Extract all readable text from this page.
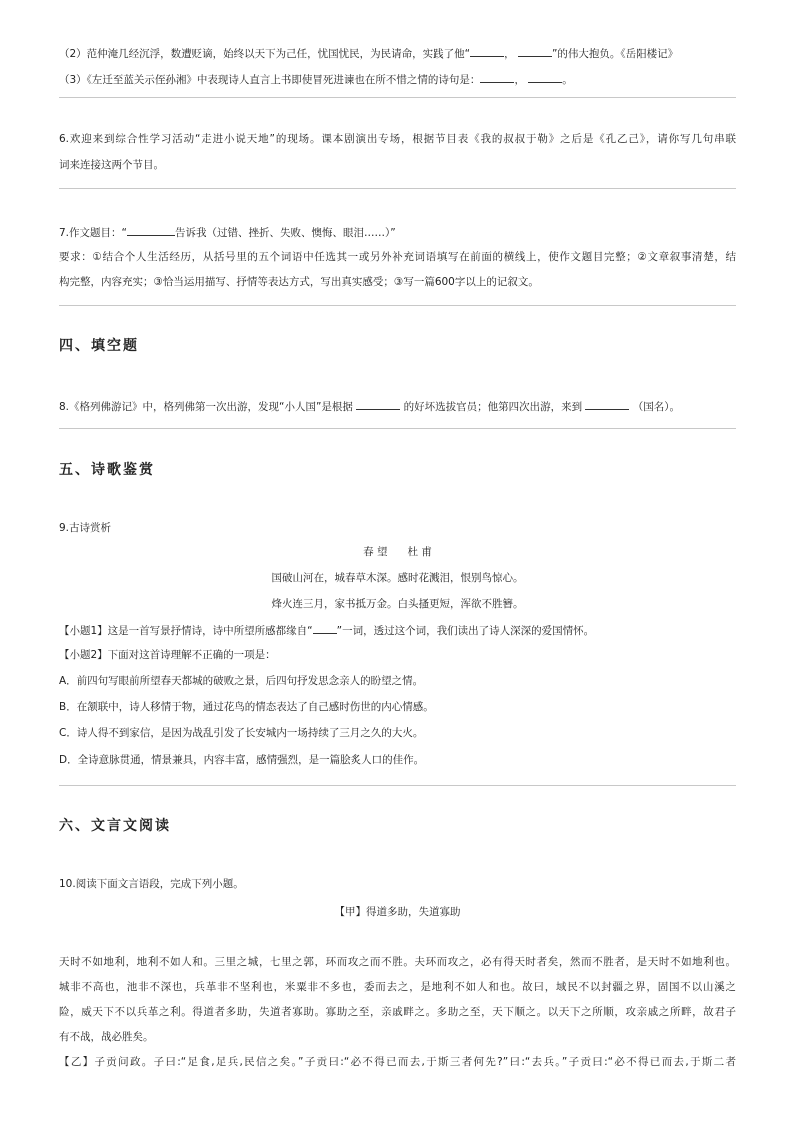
（2）范仲淹几经沉浮，数遭贬谪，始终以天下为己任，忧国忧民，为民请命，实践了他“	，	”的伟大抱负。《岳阳楼记》
（3）《左迁至蓝关示侄孙湘》中表现诗人直言上书即使冒死进谏也在所不惜之情的诗句是：	，	。
6.欢迎来到综合性学习活动“走进小说天地”的现场。课本剧演出专场，根据节目表《我的叔叔于勒》之后是《孔乙己》，请你写几句串联
词来连接这两个节目。
7.作文题目：“	告诉我（过错、挫折、失败、懊悔、眼泪……）”
要求：①结合个人生活经历，从括号里的五个词语中任选其一或另外补充词语填写在前面的横线上，使作文题目完整；②文章叙事清楚，结
构完整，内容充实；③恰当运用描写、抒情等表达方式，写出真实感受；③写一篇600字以上的记叙文。
四、填空题
8.《格列佛游记》中，格列佛第一次出游，发现“小人国”是根据	的好坏选拔官员；他第四次出游，来到	（国名）。
五、诗歌鉴赏
9.古诗赏析
春 望 杜 甫
国破山河在，城春草木深。感时花溅泪，恨别鸟惊心。
烽火连三月，家书抵万金。白头搔更短，浑欲不胜簪。
【小题1】这是一首写景抒情诗，诗中所望所感都缘自“ ”一词，透过这个词，我们读出了诗人深深的爱国情怀。
【小题2】下面对这首诗理解不正确的一项是：
A．前四句写眼前所望春天都城的破败之景，后四句抒发思念亲人的盼望之情。
B．在颔联中，诗人移情于物，通过花鸟的情态表达了自己感时伤世的内心情感。
C．诗人得不到家信，是因为战乱引发了长安城内一场持续了三月之久的大火。
D．全诗意脉贯通，情景兼具，内容丰富，感情强烈，是一篇脍炙人口的佳作。
六、文言文阅读
10.阅读下面文言语段，完成下列小题。
【甲】得道多助，失道寡助
天时不如地利，地利不如人和。三里之城，七里之郭，环而攻之而不胜。夫环而攻之，必有得天时者矣，然而不胜者，是天时不如地利也。
城非不高也，池非不深也，兵革非不坚利也，米粟非不多也，委而去之，是地利不如人和也。故曰，域民不以封疆之界，固国不以山溪之
险，威天下不以兵革之利。得道者多助，失道者寡助。寡助之至，亲戚畔之。多助之至，天下顺之。以天下之所顺，攻亲戚之所畔，故君子
有不战，战必胜矣。
【乙】子贡问政。子曰:“足食,足兵,民信之矣。”子贡曰:“必不得已而去,于斯三者何先?”曰:“去兵。”子贡曰:“必不得已而去,于斯二者
